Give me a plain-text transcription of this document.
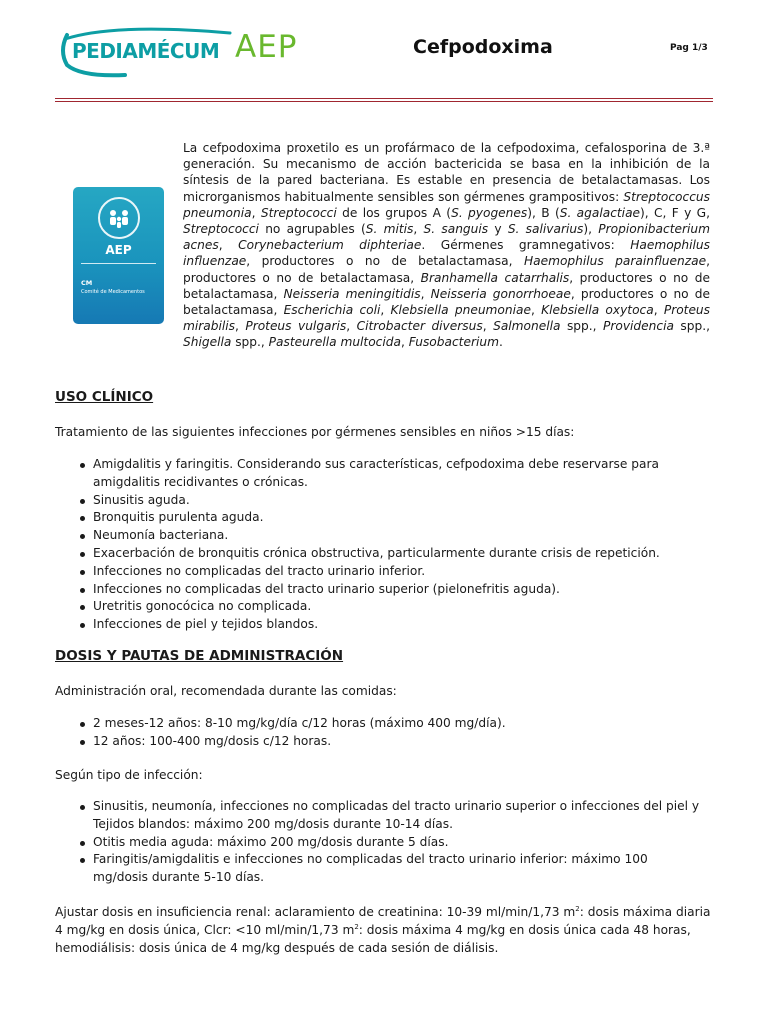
PEDIAMÉCUM AEP	Cefpodoxima	Pag 1/3
AEP
CM
Comité de Medicamentos
La cefpodoxima proxetilo es un profármaco de la cefpodoxima, cefalosporina de 3.ª generación. Su mecanismo de acción bactericida se basa en la inhibición de la síntesis de la pared bacteriana. Es estable en presencia de betalactamasas. Los microrganismos habitualmente sensibles son gérmenes grampositivos: Streptococcus pneumonia, Streptococci de los grupos A (S. pyogenes), B (S. agalactiae), C, F y G, Streptococci no agrupables (S. mitis, S. sanguis y S. salivarius), Propionibacterium acnes, Corynebacterium diphteriae. Gérmenes gramnegativos: Haemophilus influenzae, productores o no de betalactamasa, Haemophilus parainfluenzae, productores o no de betalactamasa, Branhamella catarrhalis, productores o no de betalactamasa, Neisseria meningitidis, Neisseria gonorrhoeae, productores o no de betalactamasa, Escherichia coli, Klebsiella pneumoniae, Klebsiella oxytoca, Proteus mirabilis, Proteus vulgaris, Citrobacter diversus, Salmonella spp., Providencia spp., Shigella spp., Pasteurella multocida, Fusobacterium.
USO CLÍNICO
Tratamiento de las siguientes infecciones por gérmenes sensibles en niños >15 días:
Amigdalitis y faringitis. Considerando sus características, cefpodoxima debe reservarse para amigdalitis recidivantes o crónicas.
Sinusitis aguda.
Bronquitis purulenta aguda.
Neumonía bacteriana.
Exacerbación de bronquitis crónica obstructiva, particularmente durante crisis de repetición.
Infecciones no complicadas del tracto urinario inferior.
Infecciones no complicadas del tracto urinario superior (pielonefritis aguda).
Uretritis gonocócica no complicada.
Infecciones de piel y tejidos blandos.
DOSIS Y PAUTAS DE ADMINISTRACIÓN
Administración oral, recomendada durante las comidas:
2 meses-12 años: 8-10 mg/kg/día c/12 horas (máximo 400 mg/día).
12 años: 100-400 mg/dosis c/12 horas.
Según tipo de infección:
Sinusitis, neumonía, infecciones no complicadas del tracto urinario superior o infecciones del piel y Tejidos blandos: máximo 200 mg/dosis durante 10-14 días.
Otitis media aguda: máximo 200 mg/dosis durante 5 días.
Faringitis/amigdalitis e infecciones no complicadas del tracto urinario inferior: máximo 100 mg/dosis durante 5-10 días.
Ajustar dosis en insuficiencia renal: aclaramiento de creatinina: 10-39 ml/min/1,73 $m^2$: dosis máxima diaria 4 mg/kg en dosis única, Clcr: <10 ml/min/1,73 $m^2$: dosis máxima 4 mg/kg en dosis única cada 48 horas, hemodiálisis: dosis única de 4 mg/kg después de cada sesión de diálisis.
